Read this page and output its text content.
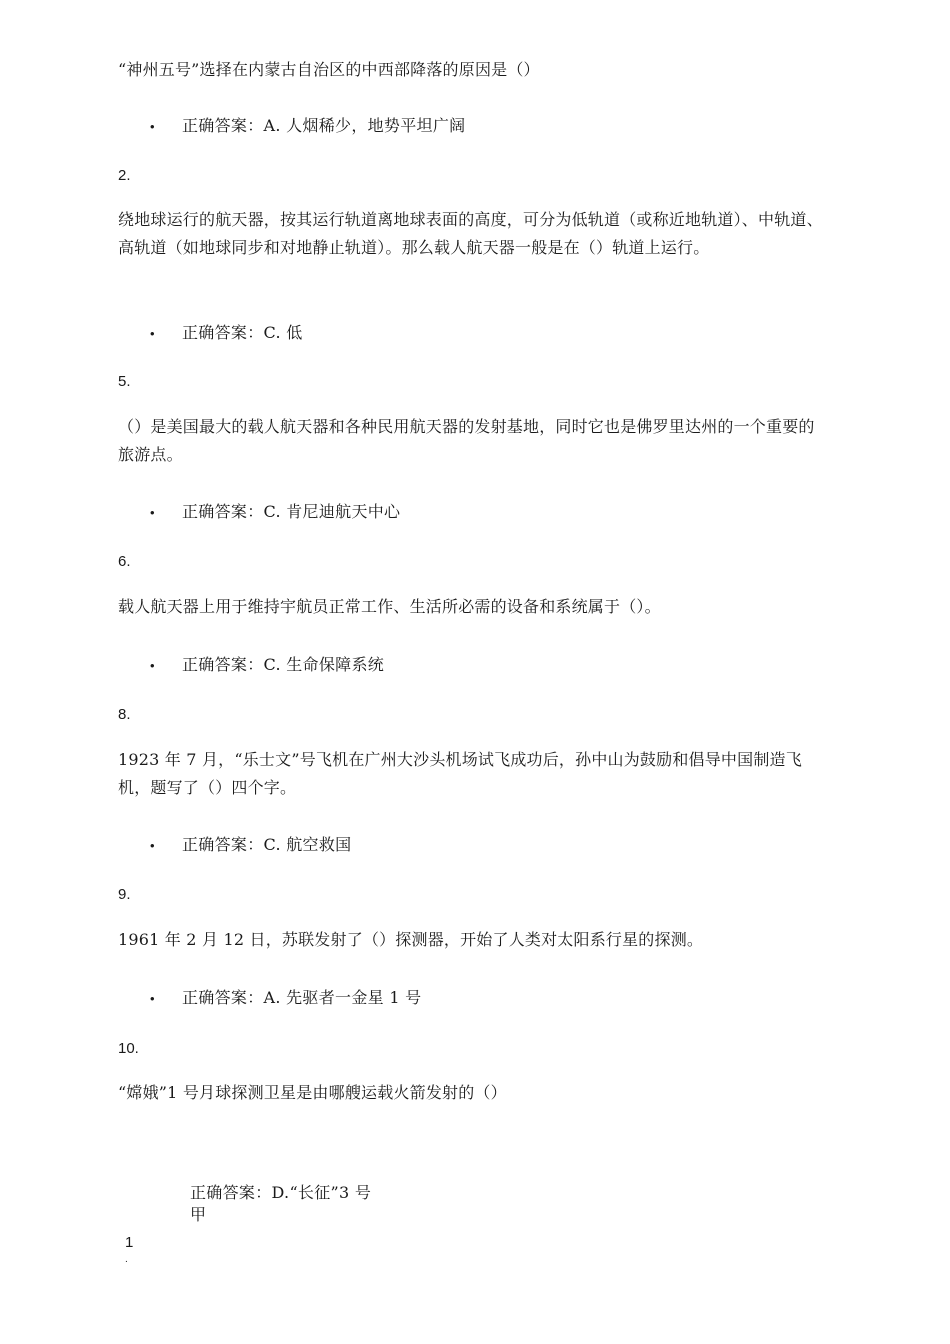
“神州五号”选择在内蒙古自治区的中西部降落的原因是（）

•	正确答案：A. 人烟稀少，地势平坦广阔
2.

绕地球运行的航天器，按其运行轨道离地球表面的高度，可分为低轨道（或称近地轨道）、中轨道、高轨道（如地球同步和对地静止轨道）。那么载人航天器一般是在（）轨道上运行。

•	正确答案：C. 低
5.

（）是美国最大的载人航天器和各种民用航天器的发射基地，同时它也是佛罗里达州的一个重要的旅游点。

•	正确答案：C. 肯尼迪航天中心
6.

载人航天器上用于维持宇航员正常工作、生活所必需的设备和系统属于（）。

•	正确答案：C. 生命保障系统
8.

1923 年 7 月，“乐士文”号飞机在广州大沙头机场试飞成功后，孙中山为鼓励和倡导中国制造飞机，题写了（）四个字。

•	正确答案：C. 航空救国
9.

1961 年 2 月 12 日，苏联发射了（）探测器，开始了人类对太阳系行星的探测。

•	正确答案：A. 先驱者一金星 1 号
10.

“嫦娥”1 号月球探测卫星是由哪艘运载火箭发射的（）

正确答案：D.“长征”3 号甲
1
.
